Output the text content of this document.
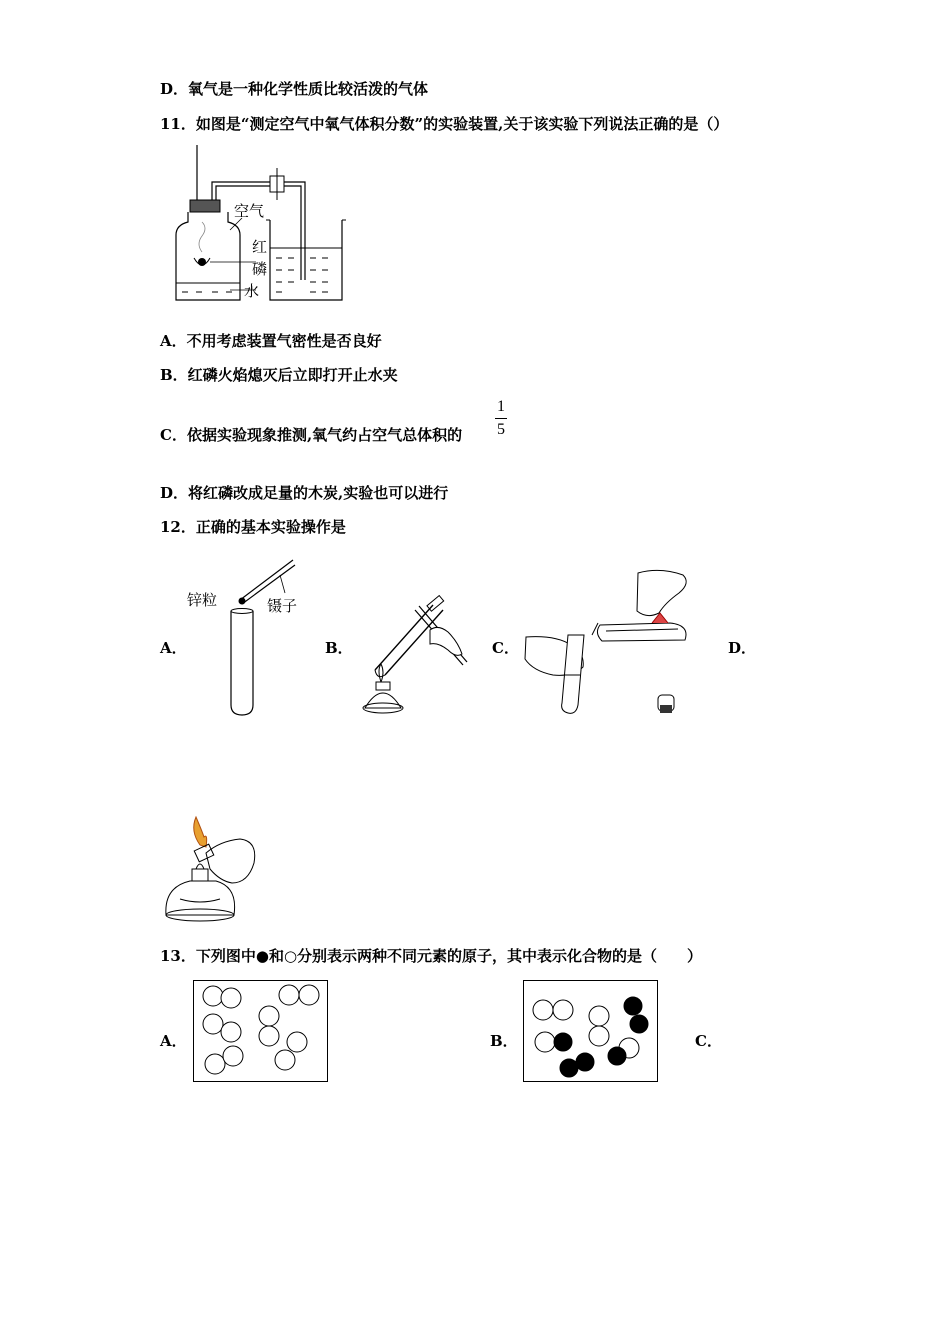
D．氧气是一种化学性质比较活泼的气体
11．如图是“测定空气中氧气体积分数”的实验装置,关于该实验下列说法正确的是（）
空气
红
磷
水
A．不用考虑装置气密性是否良好
B．红磷火焰熄灭后立即打开止水夹
C．依据实验现象推测,氧气约占空气总体积的
1
5
D．将红磷改成足量的木炭,实验也可以进行
12．正确的基本实验操作是
A．	B．	C．	D．
锌粒	镊子
13．下列图中●和○分别表示两种不同元素的原子，其中表示化合物的是（　　）
A．	B．	C．
